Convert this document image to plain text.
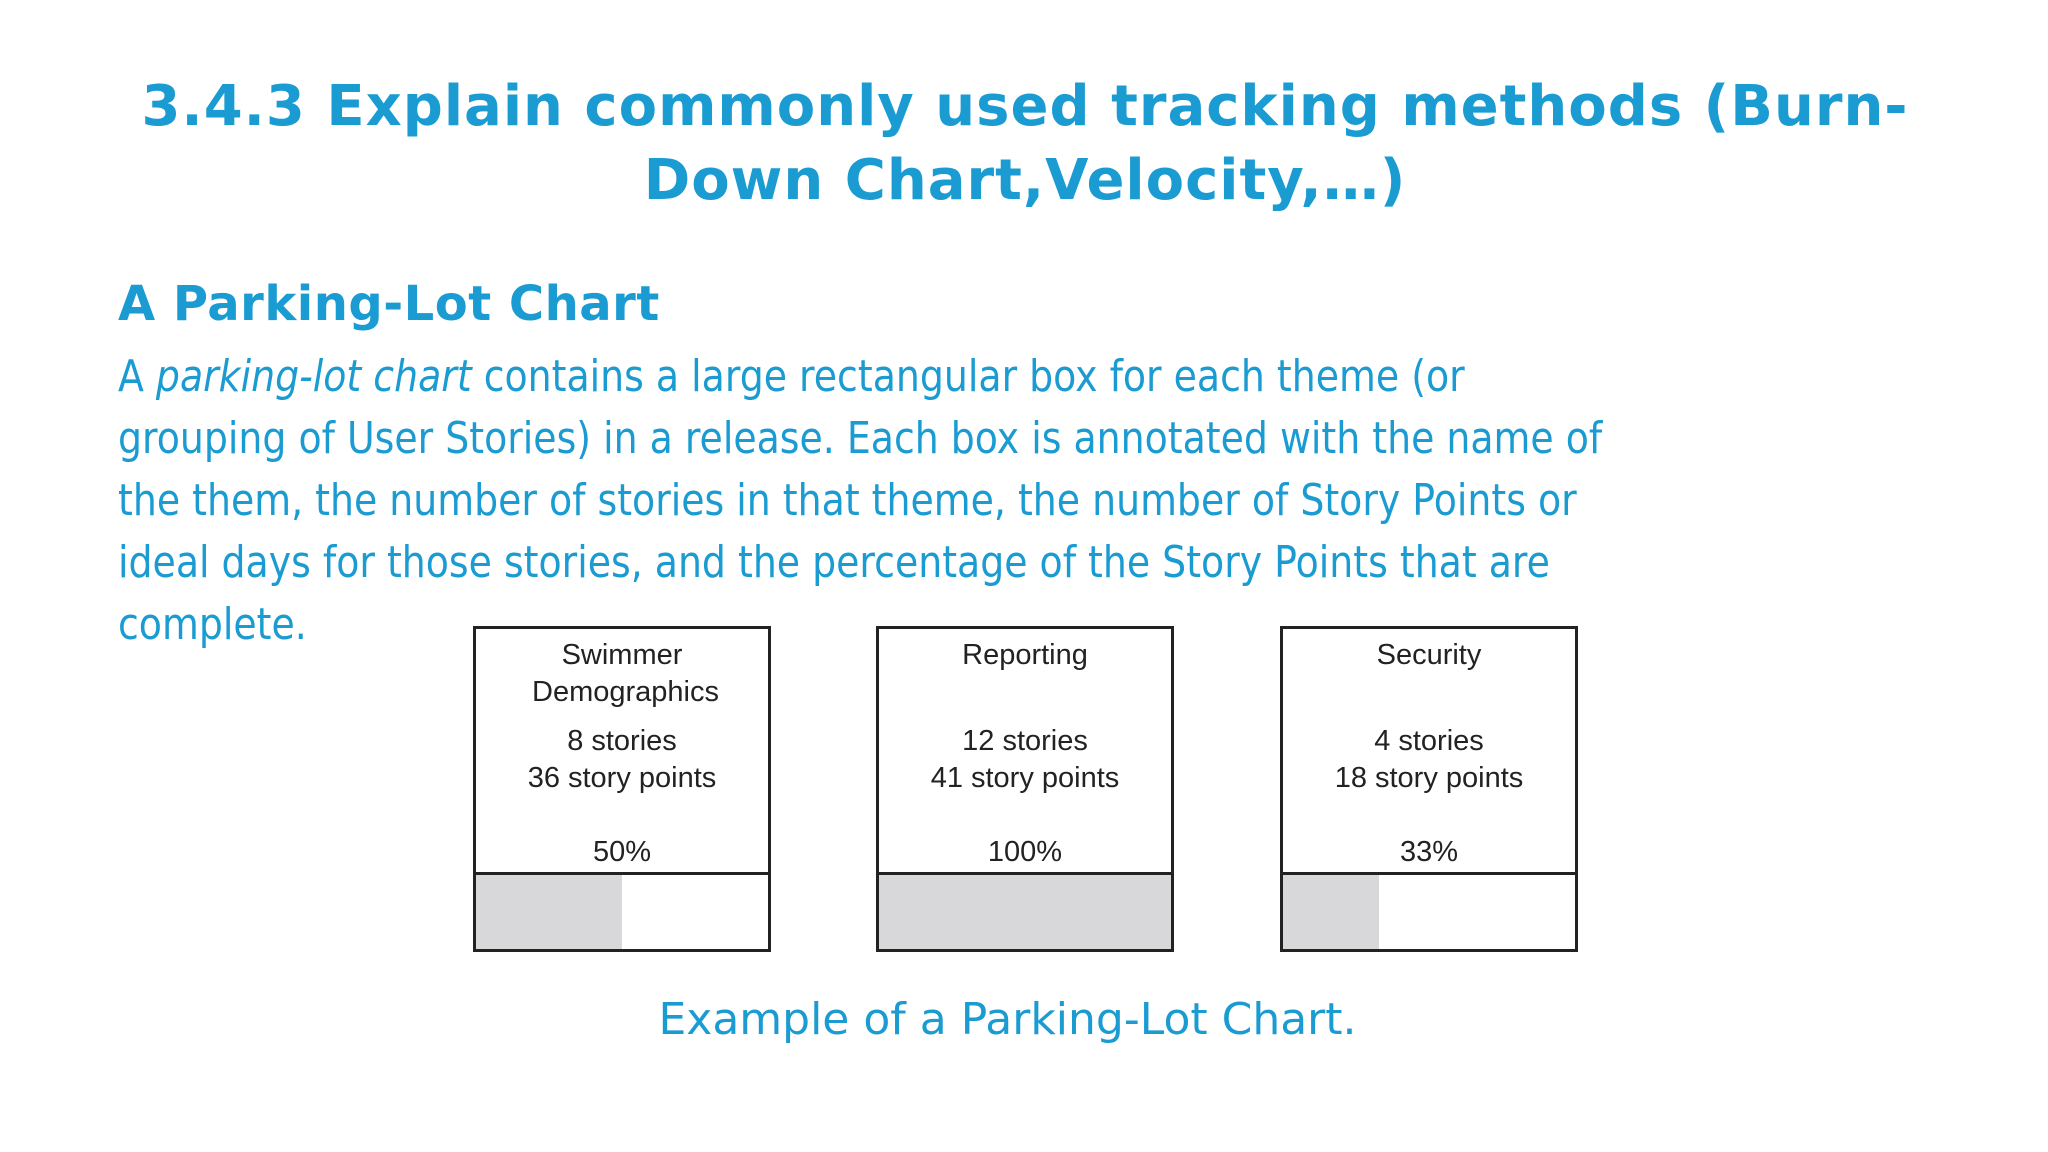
3.4.3 Explain commonly used tracking methods (Burn-Down Chart,Velocity,…)
A Parking-Lot Chart
A parking-lot chart contains a large rectangular box for each theme (or grouping of User Stories) in a release. Each box is annotated with the name of the them, the number of stories in that theme, the number of Story Points or ideal days for those stories, and the percentage of the Story Points that are complete.
Swimmer Demographics
8 stories
36 story points
50%
Reporting
12 stories
41 story points
100%
Security
4 stories
18 story points
33%
Example of a Parking-Lot Chart.
